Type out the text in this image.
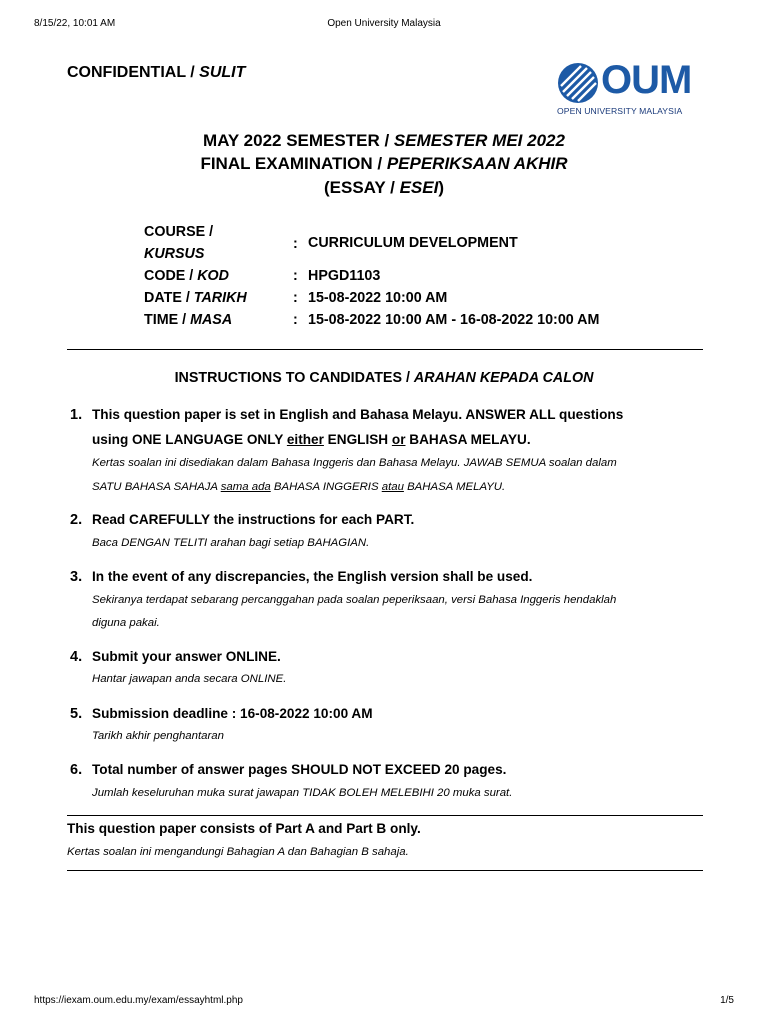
8/15/22, 10:01 AM	Open University Malaysia
CONFIDENTIAL / SULIT	OUM
OPEN UNIVERSITY MALAYSIA
MAY 2022 SEMESTER / SEMESTER MEI 2022
FINAL EXAMINATION / PEPERIKSAAN AKHIR
(ESSAY / ESEI)
COURSE /
KURSUS
: CURRICULUM DEVELOPMENT
CODE / KOD	: HPGD1103
DATE / TARIKH	: 15-08-2022 10:00 AM
TIME / MASA	: 15-08-2022 10:00 AM - 16-08-2022 10:00 AM
INSTRUCTIONS TO CANDIDATES / ARAHAN KEPADA CALON
1. This question paper is set in English and Bahasa Melayu. ANSWER ALL questions
using ONE LANGUAGE ONLY either ENGLISH or BAHASA MELAYU.
Kertas soalan ini disediakan dalam Bahasa Inggeris dan Bahasa Melayu. JAWAB SEMUA soalan dalam
SATU BAHASA SAHAJA sama ada BAHASA INGGERIS atau BAHASA MELAYU.
2. Read CAREFULLY the instructions for each PART.
Baca DENGAN TELITI arahan bagi setiap BAHAGIAN.
3. In the event of any discrepancies, the English version shall be used.
Sekiranya terdapat sebarang percanggahan pada soalan peperiksaan, versi Bahasa Inggeris hendaklah
diguna pakai.
4. Submit your answer ONLINE.
Hantar jawapan anda secara ONLINE.
5. Submission deadline : 16-08-2022 10:00 AM
Tarikh akhir penghantaran
6. Total number of answer pages SHOULD NOT EXCEED 20 pages.
Jumlah keseluruhan muka surat jawapan TIDAK BOLEH MELEBIHI 20 muka surat.
This question paper consists of Part A and Part B only.
Kertas soalan ini mengandungi Bahagian A dan Bahagian B sahaja.
https://iexam.oum.edu.my/exam/essayhtml.php	1/5
